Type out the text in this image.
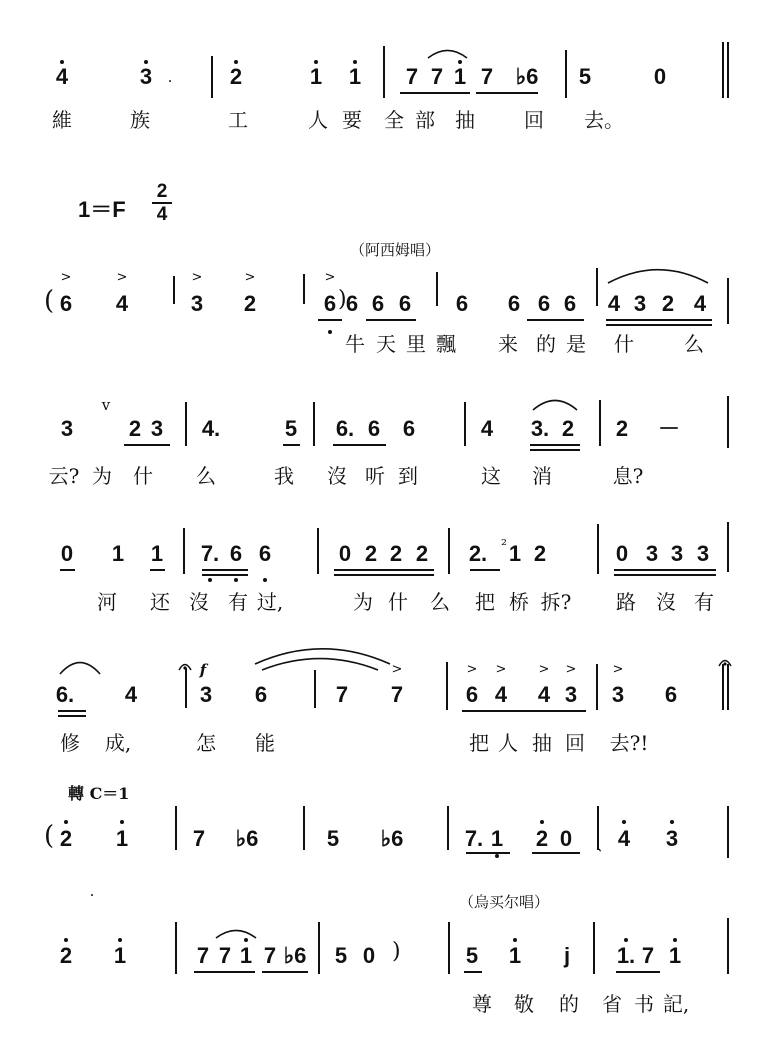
4	3	2	1 1 7 7 1 7 ♭6 5	0
.
維	族	工	人 要 全 部 抽 回 去。
1＝F
2
4
（阿西姆唱）
( 6 4	3 2	6 6 6 6 6 6 6 6 4 3 2 4
>	>	>	>	>
)
牛 天 里 飄 来 的 是 什	么
3	2 3 4.	5 6. 6 6	4 3. 2 2 －
v
云? 为 什 么	我 沒 听 到	这 消	息?
0 1 1 7. 6 6	0 2 2 2 2. 1 2	0 3 3 3
²
河 还 沒 有 过,	为 什 么 把 桥 拆? 路 沒 有
6. 4	3 6	7 7	6 4 4 3 3 6
f	>	> > > >	>
修 成,	怎 能	把 人 抽 回 去?!
轉 C＝1
( 2 1	7 ♭6	5 ♭6	7. 1 2 0 4 3
、
（烏买尔唱）
·
2 1	7 7 1 7 ♭6 5 0	5 1 j 1. 7 1
)
尊 敬 的 省 书 記,
